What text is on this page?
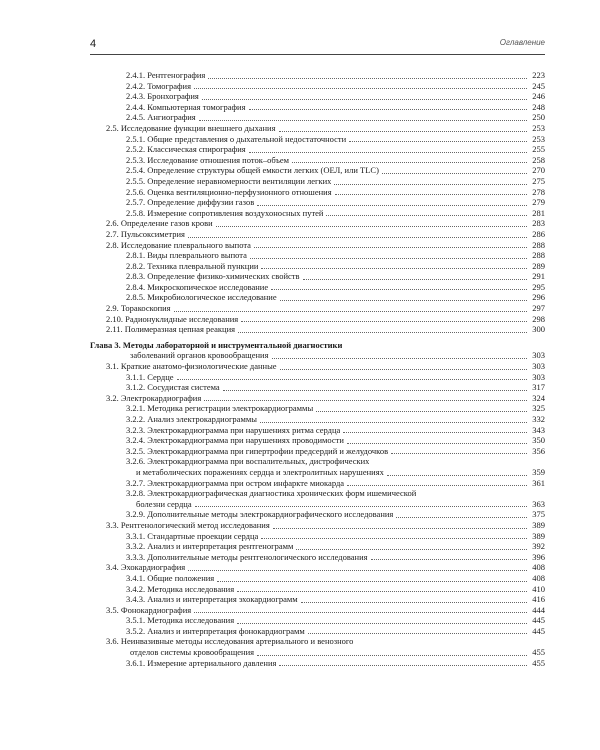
4	Оглавление
2.4.1. Рентгенография	223
2.4.2. Томография	245
2.4.3. Бронхография	246
2.4.4. Компьютерная томография	248
2.4.5. Ангиография	250
2.5. Исследование функции внешнего дыхания	253
2.5.1. Общие представления о дыхательной недостаточности	253
2.5.2. Классическая спирография	255
2.5.3. Исследование отношения поток–объем	258
2.5.4. Определение структуры общей емкости легких (ОЕЛ, или TLC)	270
2.5.5. Определение неравномерности вентиляции легких	275
2.5.6. Оценка вентиляционно-перфузионного отношения	278
2.5.7. Определение диффузии газов	279
2.5.8. Измерение сопротивления воздухоносных путей	281
2.6. Определение газов крови	283
2.7. Пульсоксиметрия	286
2.8. Исследование плеврального выпота	288
2.8.1. Виды плеврального выпота	288
2.8.2. Техника плевральной пункции	289
2.8.3. Определение физико-химических свойств	291
2.8.4. Микроскопическое исследование	295
2.8.5. Микробиологическое исследование	296
2.9. Торакоскопия	297
2.10. Радионуклидные исследования	298
2.11. Полимеразная цепная реакция	300
Глава 3. Методы лабораторной и инструментальной диагностики
заболеваний органов кровообращения	303
3.1. Краткие анатомо-физиологические данные	303
3.1.1. Сердце	303
3.1.2. Сосудистая система	317
3.2. Электрокардиография	324
3.2.1. Методика регистрации электрокардиограммы	325
3.2.2. Анализ электрокардиограммы	332
3.2.3. Электрокардиограмма при нарушениях ритма сердца	343
3.2.4. Электрокардиограмма при нарушениях проводимости	350
3.2.5. Электрокардиограмма при гипертрофии предсердий и желудочков	356
3.2.6. Электрокардиограмма при воспалительных, дистрофических
и метаболических поражениях сердца и электролитных нарушениях	359
3.2.7. Электрокардиограмма при остром инфаркте миокарда	361
3.2.8. Электрокардиографическая диагностика хронических форм ишемической
болезни сердца	363
3.2.9. Дополнительные методы электрокардиографического исследования	375
3.3. Рентгенологический метод исследования	389
3.3.1. Стандартные проекции сердца	389
3.3.2. Анализ и интерпретация рентгенограмм	392
3.3.3. Дополнительные методы рентгенологического исследования	396
3.4. Эхокардиография	408
3.4.1. Общие положения	408
3.4.2. Методика исследования	410
3.4.3. Анализ и интерпретация эхокардиограмм	416
3.5. Фонокардиография	444
3.5.1. Методика исследования	445
3.5.2. Анализ и интерпретация фонокардиограмм	445
3.6. Неинвазивные методы исследования артериального и венозного
отделов системы кровообращения	455
3.6.1. Измерение артериального давления	455
